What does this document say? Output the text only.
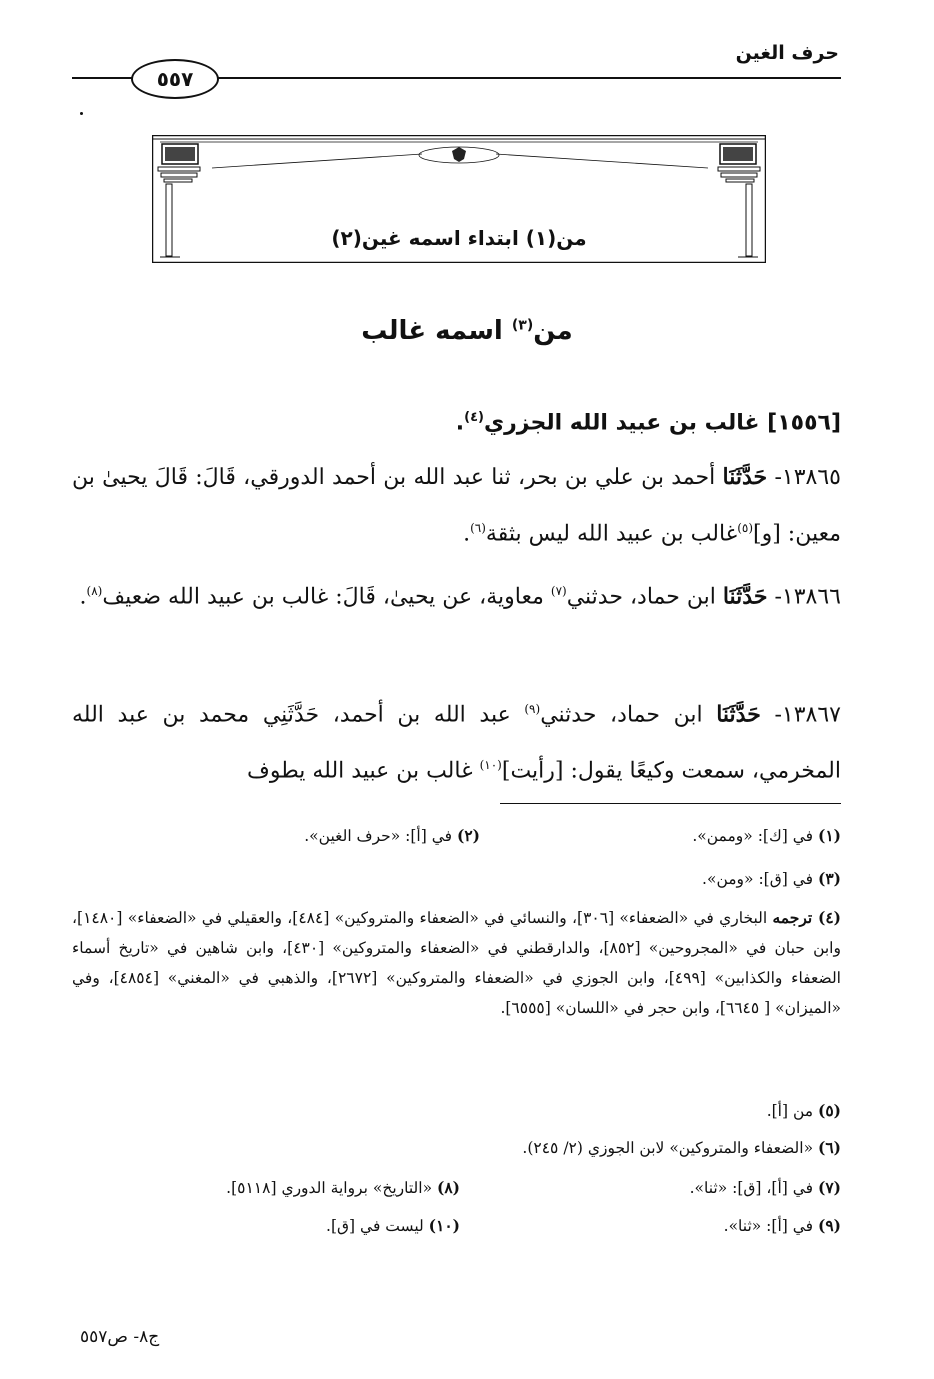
حرف الغين
٥٥٧
من(١) ابتداء اسمه غين(٢)
من$^{(٣)}$ اسمه غالب
[١٥٥٦] غالب بن عبيد الله الجزري$^{(٤)}$.
١٣٨٦٥- حَدَّثَنَا أحمد بن علي بن بحر، ثنا عبد الله بن أحمد الدورقي، قَالَ: قَالَ يحيىٰ بن معين: [و]$^{(٥)}$غالب بن عبيد الله ليس بثقة$^{(٦)}$.
١٣٨٦٦- حَدَّثَنَا ابن حماد، حدثني$^{(٧)}$ معاوية، عن يحيىٰ، قَالَ: غالب بن عبيد الله ضعيف$^{(٨)}$.
١٣٨٦٧- حَدَّثَنَا ابن حماد، حدثني$^{(٩)}$ عبد الله بن أحمد، حَدَّثَنِي محمد بن عبد الله المخرمي، سمعت وكيعًا يقول: [رأيت]$^{(١٠)}$ غالب بن عبيد الله يطوف
(١) في [ك]: «وممن».
(٢) في [أ]: «حرف الغين».
(٣) في [ق]: «ومن».
(٤) ترجمه البخاري في «الضعفاء» [٣٠٦]، والنسائي في «الضعفاء والمتروكين» [٤٨٤]، والعقيلي في «الضعفاء» [١٤٨٠]، وابن حبان في «المجروحين» [٨٥٢]، والدارقطني في «الضعفاء والمتروكين» [٤٣٠]، وابن شاهين في «تاريخ أسماء الضعفاء والكذابين» [٤٩٩]، وابن الجوزي في «الضعفاء والمتروكين» [٢٦٧٢]، والذهبي في «المغني» [٤٨٥٤]، وفي «الميزان» [ ٦٦٤٥]، وابن حجر في «اللسان» [٦٥٥٥].
(٥) من [أ].
(٦) «الضعفاء والمتروكين» لابن الجوزي (٢/ ٢٤٥).
(٧) في [أ]، [ق]: «ثنا».
(٨) «التاريخ» برواية الدوري [٥١١٨].
(٩) في [أ]: «ثنا».
(١٠) ليست في [ق].
ج٨- ص٥٥٧
